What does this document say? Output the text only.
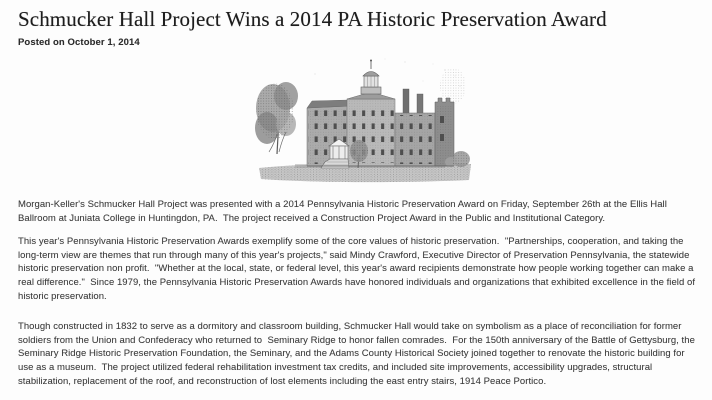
Schmucker Hall Project Wins a 2014 PA Historic Preservation Award
Posted on October 1, 2014

Morgan-Keller's Schmucker Hall Project was presented with a 2014 Pennsylvania Historic Preservation Award on Friday, September 26th at the Ellis Hall Ballroom at Juniata College in Huntingdon, PA.  The project received a Construction Project Award in the Public and Institutional Category.

This year's Pennsylvania Historic Preservation Awards exemplify some of the core values of historic preservation.  "Partnerships, cooperation, and taking the long-term view are themes that run through many of this year's projects," said Mindy Crawford, Executive Director of Preservation Pennsylvania, the statewide historic preservation non profit.  "Whether at the local, state, or federal level, this year's award recipients demonstrate how people working together can make a real difference."  Since 1979, the Pennsylvania Historic Preservation Awards have honored individuals and organizations that exhibited excellence in the field of historic preservation.

Though constructed in 1832 to serve as a dormitory and classroom building, Schmucker Hall would take on symbolism as a place of reconciliation for former soldiers from the Union and Confederacy who returned to  Seminary Ridge to honor fallen comrades.  For the 150th anniversary of the Battle of Gettysburg, the Seminary Ridge Historic Preservation Foundation, the Seminary, and the Adams County Historical Society joined together to renovate the historic building for use as a museum.  The project utilized federal rehabilitation investment tax credits, and included site improvements, accessibility upgrades, structural stabilization, replacement of the roof, and reconstruction of lost elements including the east entry stairs, 1914 Peace Portico.
